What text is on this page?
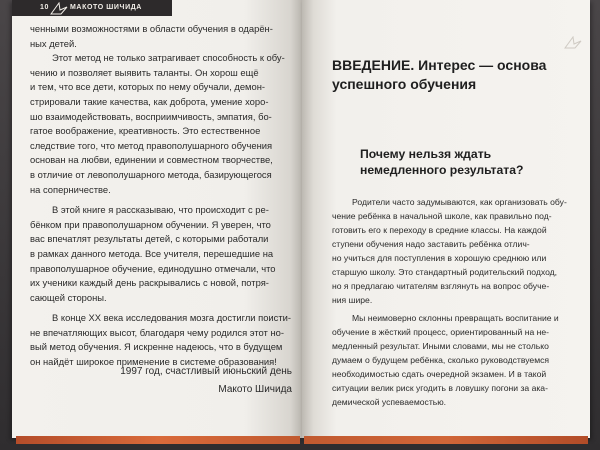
10	МАКОТО ШИЧИДА

ченными возможностями в области обучения в одарён-

ных детей.

Этот метод не только затрагивает способность к обу-

чению и позволяет выявить таланты. Он хорош ещё

и тем, что все дети, которых по нему обучали, демон-

стрировали такие качества, как доброта, умение хоро-

шо взаимодействовать, восприимчивость, эмпатия, бо-

гатое воображение, креативность. Это естественное

следствие того, что метод правополушарного обучения

основан на любви, единении и совместном творчестве,

в отличие от левополушарного метода, базирующегося

на соперничестве.

В этой книге я рассказываю, что происходит с ре-

бёнком при правополушарном обучении. Я уверен, что

вас впечатлят результаты детей, с которыми работали

в рамках данного метода. Все учителя, перешедшие на

правополушарное обучение, единодушно отмечали, что

их ученики каждый день раскрывались с новой, потря-

сающей стороны.

В конце XX века исследования мозга достигли поисти-

не впечатляющих высот, благодаря чему родился этот но-

вый метод обучения. Я искренне надеюсь, что в будущем

он найдёт широкое применение в системе образования!

1997 год, счастливый июньский день
Макото Шичида
ВВЕДЕНИЕ. Интерес — основа успешного обучения
Почему нельзя ждать немедленного результата?

Родители часто задумываются, как организовать обу-

чение ребёнка в начальной школе, как правильно под-

готовить его к переходу в средние классы. На каждой

ступени обучения надо заставить ребёнка отлич-

но учиться для поступления в хорошую среднюю или

старшую школу. Это стандартный родительский подход,

но я предлагаю читателям взглянуть на вопрос обуче-

ния шире.

Мы неимоверно склонны превращать воспитание и

обучение в жёсткий процесс, ориентированный на не-

медленный результат. Иными словами, мы не столько

думаем о будущем ребёнка, сколько руководствуемся

необходимостью сдать очередной экзамен. И в такой

ситуации велик риск угодить в ловушку погони за ака-

демической успеваемостью.
